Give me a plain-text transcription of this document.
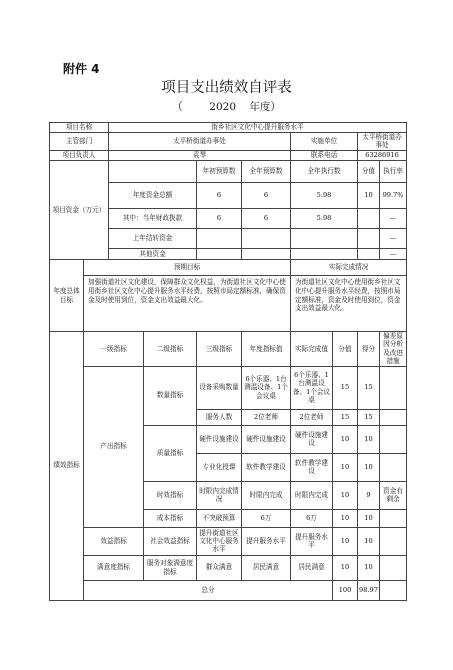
附件 4
项目支出绩效自评表
（        2020    年度）
项目名称		街乡社区文化中心提升服务水平								
主管部门		太平桥街道办事处				实施单位		太平桥街道办事处		
项目负责人		袁琴				联系电话		63286916		
项目资金（万元）				年初预算数	全年预算数	全年执行数		分值	执行率	
		年度资金总额		6	6	5.98		10	99.7%	
		其中：当年财政拨款		6	6	5.98			—	
		上年结转资金							—	
		其他资金							—	
年度总体目标	预期目标					实际完成情况				
	加强街道社区文化建设，保障群众文化权益，为街道社区文化中心使用街乡社区文化中心提升服务水平经费，按照市局定额标准，确保资金及时使用到位，资金支出效益最大化。					为街道社区文化中心使用街乡社区文化中心提升服务水平经费，按照市局定额标准，资金及时使用到位，资金支出效益最大化。				
绩效指标	一级指标		二级指标	三级指标	年度指标值	实际完成值	分值	得分	偏差原因分析及改进措施	
	产出指标		数量指标	设备采购数量	6个乐器、1台测温设备、1个会议桌	6个乐器、1台测温设备、1个会议桌	15	15		
				服务人数	2位老师	2位老师	15	15		
			质量指标	硬件设施建设	硬件设施建设	硬件设施建设	10	10		
				专业化授课	软件教学建设	软件教学建设	10	10		
			时效指标	时限内完成情况	时限内完成	时限内完成	10	9	资金有剩余	
			成本指标	不突破预算	6万	6万	10	10		
	效益指标		社会效益指标	提升街道社区文化中心服务水平	提升服务水平	提升服务水平	10	10		
	满意度指标		服务对象满意度指标	群众满意	居民满意	居民满意	10	10		
	总分						100	98.97		
